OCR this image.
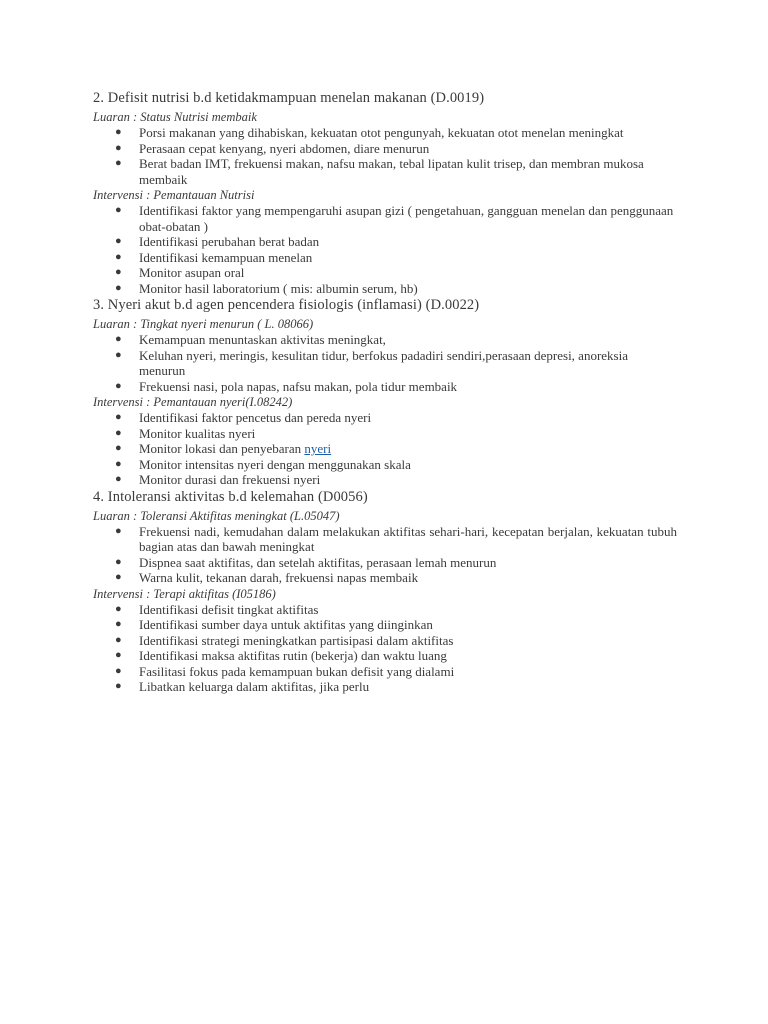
2. Defisit nutrisi b.d ketidakmampuan menelan makanan (D.0019)

Luaran : Status Nutrisi membaik

● Porsi makanan yang dihabiskan, kekuatan otot pengunyah, kekuatan otot menelan meningkat
● Perasaan cepat kenyang, nyeri abdomen, diare menurun
● Berat badan IMT, frekuensi makan, nafsu makan, tebal lipatan kulit trisep, dan membran mukosa membaik

Intervensi : Pemantauan Nutrisi

● Identifikasi faktor yang mempengaruhi asupan gizi ( pengetahuan, gangguan menelan dan penggunaan obat-obatan )
● Identifikasi perubahan berat badan
● Identifikasi kemampuan menelan
● Monitor asupan oral
● Monitor hasil laboratorium ( mis: albumin serum, hb)

3. Nyeri akut b.d agen pencendera fisiologis (inflamasi) (D.0022)

Luaran : Tingkat nyeri menurun ( L. 08066)

● Kemampuan menuntaskan aktivitas meningkat,
● Keluhan nyeri, meringis, kesulitan tidur, berfokus padadiri sendiri,perasaan depresi, anoreksia menurun
● Frekuensi nasi, pola napas, nafsu makan, pola tidur membaik

Intervensi : Pemantauan nyeri(I.08242)

● Identifikasi faktor pencetus dan pereda nyeri
● Monitor kualitas nyeri
● Monitor lokasi dan penyebaran nyeri
● Monitor intensitas nyeri dengan menggunakan skala
● Monitor durasi dan frekuensi nyeri

4. Intoleransi aktivitas b.d kelemahan (D0056)

Luaran : Toleransi Aktifitas meningkat (L.05047)

● Frekuensi nadi, kemudahan dalam melakukan aktifitas sehari-hari, kecepatan berjalan, kekuatan tubuh bagian atas dan bawah meningkat
● Dispnea saat aktifitas, dan setelah aktifitas, perasaan lemah menurun
● Warna kulit, tekanan darah, frekuensi napas membaik

Intervensi : Terapi aktifitas (I05186)

● Identifikasi defisit tingkat aktifitas
● Identifikasi sumber daya untuk aktifitas yang diinginkan
● Identifikasi strategi meningkatkan partisipasi dalam aktifitas
● Identifikasi maksa aktifitas rutin (bekerja) dan waktu luang
● Fasilitasi fokus pada kemampuan bukan defisit yang dialami
● Libatkan keluarga dalam aktifitas, jika perlu
